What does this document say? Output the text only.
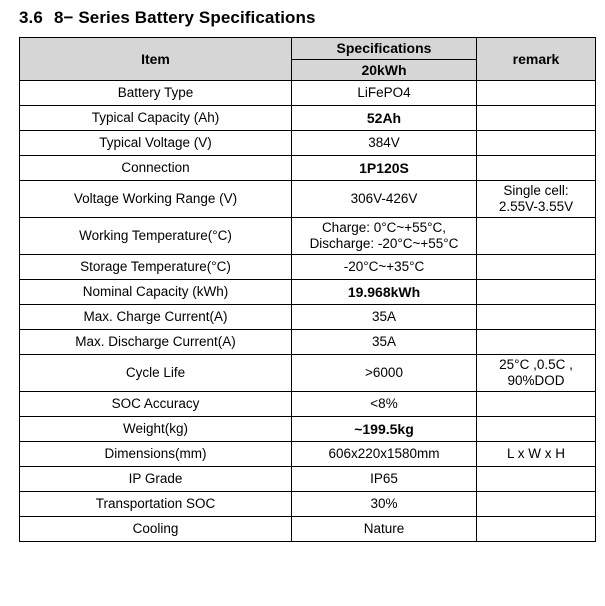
3.6 8− Series Battery Specifications
Item	Specifications	remark
	20kWh	
Battery Type	LiFePO4	
Typical Capacity (Ah)	52Ah	
Typical Voltage (V)	384V	
Connection	1P120S	
Voltage Working Range (V)	306V-426V	Single cell:
2.55V-3.55V
Working Temperature(°C)	Charge: 0°C~+55°C,
Discharge: -20°C~+55°C	
Storage Temperature(°C)	-20°C~+35°C	
Nominal Capacity (kWh)	19.968kWh	
Max. Charge Current(A)	35A	
Max. Discharge Current(A)	35A	
Cycle Life	>6000	25°C ,0.5C ,
90%DOD
SOC Accuracy	<8%	
Weight(kg)	~199.5kg	
Dimensions(mm)	606x220x1580mm	L x W x H
IP Grade	IP65	
Transportation SOC	30%	
Cooling	Nature	
